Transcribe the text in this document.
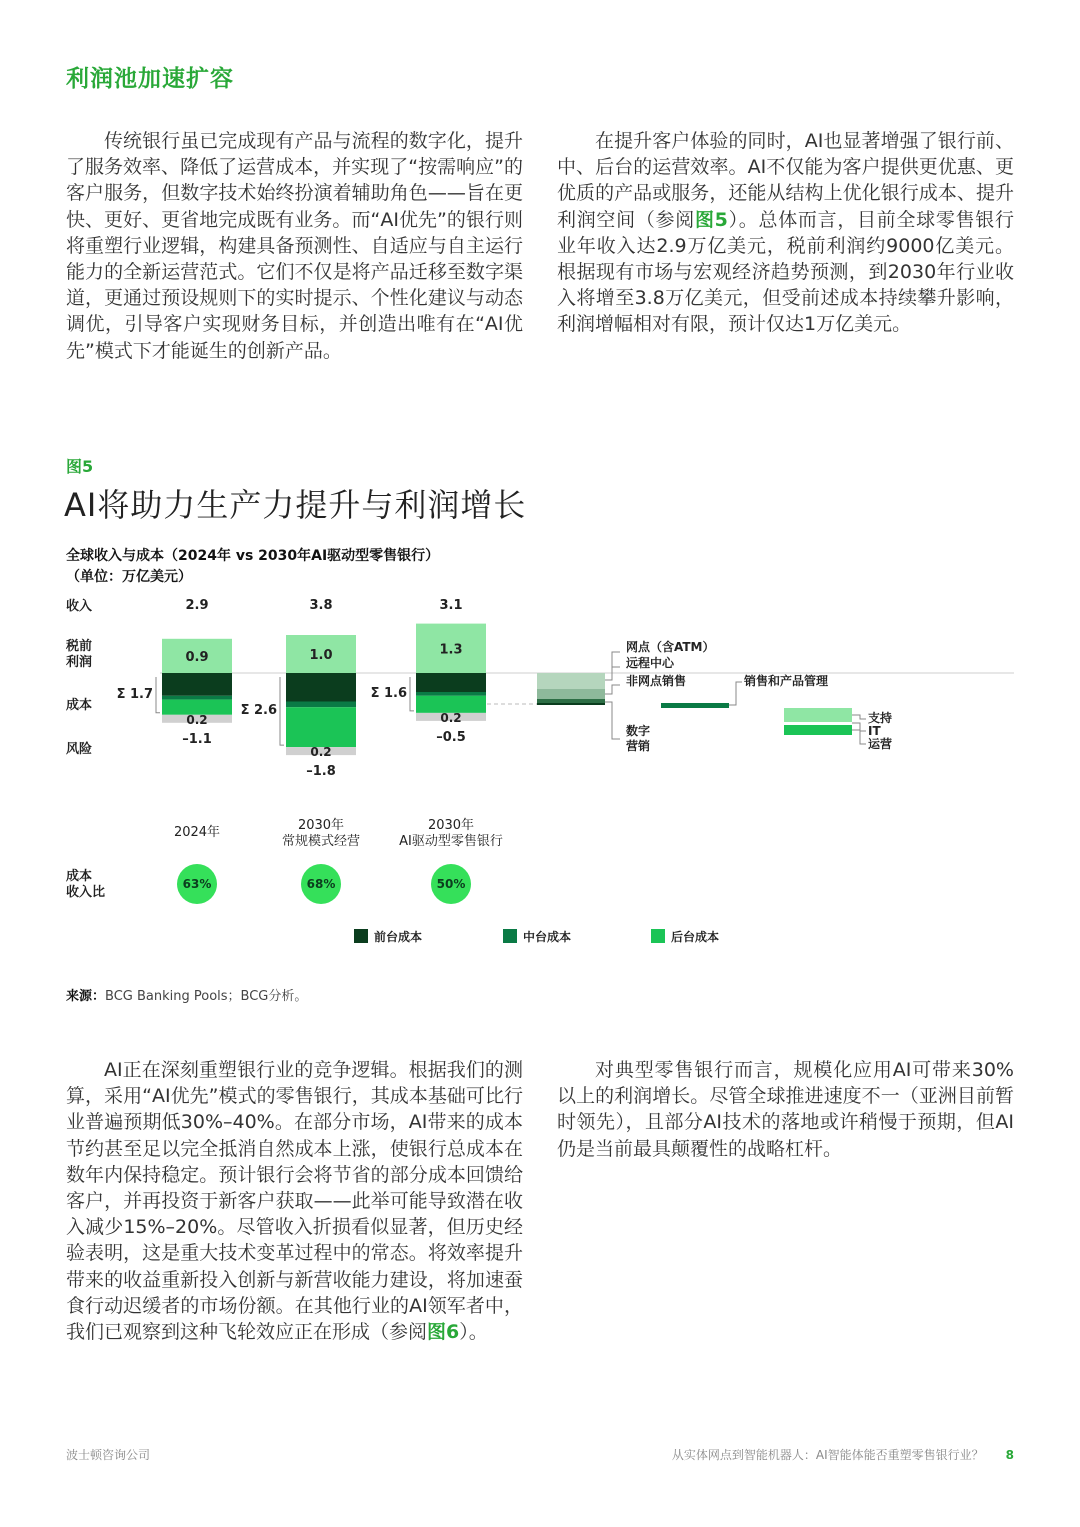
利润池加速扩容

传统银行虽已完成现有产品与流程的数字化，提升了服务效率、降低了运营成本，并实现了“按需响应”的客户服务，但数字技术始终扮演着辅助角色——旨在更快、更好、更省地完成既有业务。而“AI优先”的银行则将重塑行业逻辑，构建具备预测性、自适应与自主运行能力的全新运营范式。它们不仅是将产品迁移至数字渠道，更通过预设规则下的实时提示、个性化建议与动态调优，引导客户实现财务目标，并创造出唯有在“AI优先”模式下才能诞生的创新产品。

在提升客户体验的同时，AI也显著增强了银行前、中、后台的运营效率。AI不仅能为客户提供更优惠、更优质的产品或服务，还能从结构上优化银行成本、提升利润空间（参阅图5）。总体而言，目前全球零售银行业年收入达2.9万亿美元，税前利润约9000亿美元。根据现有市场与宏观经济趋势预测，到2030年行业收入将增至3.8万亿美元，但受前述成本持续攀升影响，利润增幅相对有限，预计仅达1万亿美元。

图5
AI将助力生产力提升与利润增长
全球收入与成本（2024年 vs 2030年AI驱动型零售银行）
（单位：万亿美元）
收入
税前
利润
成本
风险
成本
收入比
0.9
2.9
0.2
–1.1
Σ 1.7
2024年
63%
1.0
3.8
0.2
–1.8
Σ 2.6
2030年
常规模式经营
68%
1.3
3.1
0.2
–0.5
Σ 1.6
2030年
AI驱动型零售银行
50%
网点（含ATM）
远程中心
非网点销售
数字
营销
销售和产品管理
支持
IT
运营
前台成本	中台成本	后台成本
来源：BCG Banking Pools；BCG分析。

AI正在深刻重塑银行业的竞争逻辑。根据我们的测算，采用“AI优先”模式的零售银行，其成本基础可比行业普遍预期低30%–40%。在部分市场，AI带来的成本节约甚至足以完全抵消自然成本上涨，使银行总成本在数年内保持稳定。预计银行会将节省的部分成本回馈给客户，并再投资于新客户获取——此举可能导致潜在收入减少15%–20%。尽管收入折损看似显著，但历史经验表明，这是重大技术变革过程中的常态。将效率提升带来的收益重新投入创新与新营收能力建设，将加速蚕食行动迟缓者的市场份额。在其他行业的AI领军者中，我们已观察到这种飞轮效应正在形成（参阅图6）。

对典型零售银行而言，规模化应用AI可带来30%以上的利润增长。尽管全球推进速度不一（亚洲目前暂时领先），且部分AI技术的落地或许稍慢于预期，但AI仍是当前最具颠覆性的战略杠杆。

波士顿咨询公司	从实体网点到智能机器人：AI智能体能否重塑零售银行业？ 8
